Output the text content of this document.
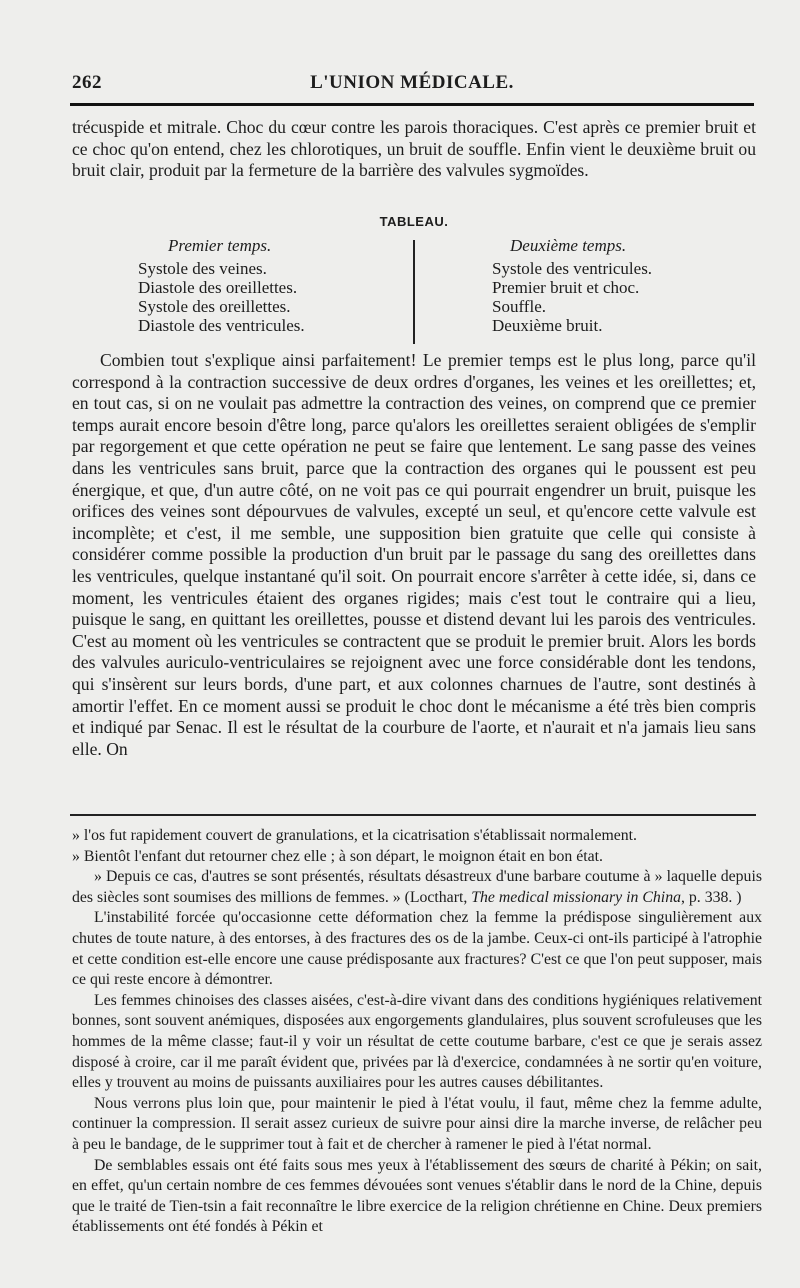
262	L'UNION MÉDICALE.

trécuspide et mitrale. Choc du cœur contre les parois thoraciques. C'est après ce premier bruit et ce choc qu'on entend, chez les chlorotiques, un bruit de souffle. Enfin vient le deuxième bruit ou bruit clair, produit par la fermeture de la barrière des valvules sygmoïdes.

TABLEAU.
Premier temps.
Systole des veines.
Diastole des oreillettes.
Systole des oreillettes.
Diastole des ventricules.
Deuxième temps.
Systole des ventricules.
Premier bruit et choc.
Souffle.
Deuxième bruit.

Combien tout s'explique ainsi parfaitement! Le premier temps est le plus long, parce qu'il correspond à la contraction successive de deux ordres d'organes, les veines et les oreillettes; et, en tout cas, si on ne voulait pas admettre la contraction des veines, on comprend que ce premier temps aurait encore besoin d'être long, parce qu'alors les oreillettes seraient obligées de s'emplir par regorgement et que cette opération ne peut se faire que lentement. Le sang passe des veines dans les ventricules sans bruit, parce que la contraction des organes qui le poussent est peu énergique, et que, d'un autre côté, on ne voit pas ce qui pourrait engendrer un bruit, puisque les orifices des veines sont dépourvues de valvules, excepté un seul, et qu'encore cette valvule est incomplète; et c'est, il me semble, une supposition bien gratuite que celle qui consiste à considérer comme possible la production d'un bruit par le passage du sang des oreillettes dans les ventricules, quelque instantané qu'il soit. On pourrait encore s'arrêter à cette idée, si, dans ce moment, les ventricules étaient des organes rigides; mais c'est tout le contraire qui a lieu, puisque le sang, en quittant les oreillettes, pousse et distend devant lui les parois des ventricules. C'est au moment où les ventricules se contractent que se produit le premier bruit. Alors les bords des valvules auriculo-ventriculaires se rejoignent avec une force considérable dont les tendons, qui s'insèrent sur leurs bords, d'une part, et aux colonnes charnues de l'autre, sont destinés à amortir l'effet. En ce moment aussi se produit le choc dont le mécanisme a été très bien compris et indiqué par Senac. Il est le résultat de la courbure de l'aorte, et n'aurait et n'a jamais lieu sans elle. On

» l'os fut rapidement couvert de granulations, et la cicatrisation s'établissait normalement.

» Bientôt l'enfant dut retourner chez elle ; à son départ, le moignon était en bon état.

» Depuis ce cas, d'autres se sont présentés, résultats désastreux d'une barbare coutume à » laquelle depuis des siècles sont soumises des millions de femmes. » (Locthart, The medical missionary in China, p. 338. )

L'instabilité forcée qu'occasionne cette déformation chez la femme la prédispose singulièrement aux chutes de toute nature, à des entorses, à des fractures des os de la jambe. Ceux-ci ont-ils participé à l'atrophie et cette condition est-elle encore une cause prédisposante aux fractures? C'est ce que l'on peut supposer, mais ce qui reste encore à démontrer.

Les femmes chinoises des classes aisées, c'est-à-dire vivant dans des conditions hygiéniques relativement bonnes, sont souvent anémiques, disposées aux engorgements glandulaires, plus souvent scrofuleuses que les hommes de la même classe; faut-il y voir un résultat de cette coutume barbare, c'est ce que je serais assez disposé à croire, car il me paraît évident que, privées par là d'exercice, condamnées à ne sortir qu'en voiture, elles y trouvent au moins de puissants auxiliaires pour les autres causes débilitantes.

Nous verrons plus loin que, pour maintenir le pied à l'état voulu, il faut, même chez la femme adulte, continuer la compression. Il serait assez curieux de suivre pour ainsi dire la marche inverse, de relâcher peu à peu le bandage, de le supprimer tout à fait et de chercher à ramener le pied à l'état normal.

De semblables essais ont été faits sous mes yeux à l'établissement des sœurs de charité à Pékin; on sait, en effet, qu'un certain nombre de ces femmes dévouées sont venues s'établir dans le nord de la Chine, depuis que le traité de Tien-tsin a fait reconnaître le libre exercice de la religion chrétienne en Chine. Deux premiers établissements ont été fondés à Pékin et
